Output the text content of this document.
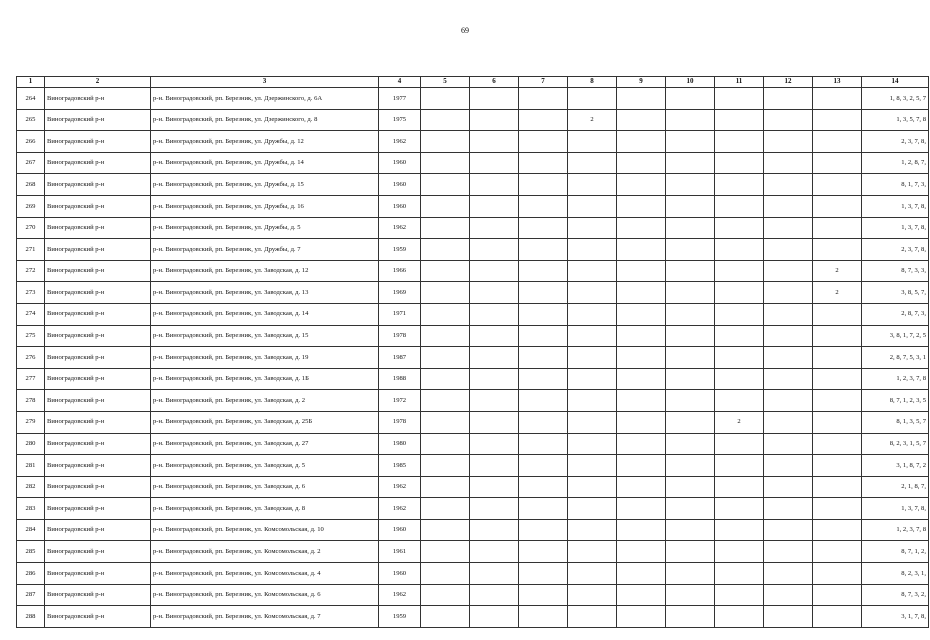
69
1	2	3	4	5	6	7	8	9	10	11	12	13	14
264	Виноградовский р-н	р-н. Виноградовский, рп. Березник, ул. Дзержинского, д. 6А	1977										1, 8, 3, 2, 5, 7
265	Виноградовский р-н	р-н. Виноградовский, рп. Березник, ул. Дзержинского, д. 8	1975				2						1, 3, 5, 7, 8
266	Виноградовский р-н	р-н. Виноградовский, рп. Березник, ул. Дружбы, д. 12	1962										2, 3, 7, 8,
267	Виноградовский р-н	р-н. Виноградовский, рп. Березник, ул. Дружбы, д. 14	1960										1, 2, 8, 7,
268	Виноградовский р-н	р-н. Виноградовский, рп. Березник, ул. Дружбы, д. 15	1960										8, 1, 7, 3,
269	Виноградовский р-н	р-н. Виноградовский, рп. Березник, ул. Дружбы, д. 16	1960										1, 3, 7, 8,
270	Виноградовский р-н	р-н. Виноградовский, рп. Березник, ул. Дружбы, д. 5	1962										1, 3, 7, 8,
271	Виноградовский р-н	р-н. Виноградовский, рп. Березник, ул. Дружбы, д. 7	1959										2, 3, 7, 8,
272	Виноградовский р-н	р-н. Виноградовский, рп. Березник, ул. Заводская, д. 12	1966									2	8, 7, 3, 3,
273	Виноградовский р-н	р-н. Виноградовский, рп. Березник, ул. Заводская, д. 13	1969									2	3, 8, 5, 7,
274	Виноградовский р-н	р-н. Виноградовский, рп. Березник, ул. Заводская, д. 14	1971										2, 8, 7, 3,
275	Виноградовский р-н	р-н. Виноградовский, рп. Березник, ул. Заводская, д. 15	1978										3, 8, 1, 7, 2, 5
276	Виноградовский р-н	р-н. Виноградовский, рп. Березник, ул. Заводская, д. 19	1987										2, 8, 7, 5, 3, 1
277	Виноградовский р-н	р-н. Виноградовский, рп. Березник, ул. Заводская, д. 1Б	1988										1, 2, 3, 7, 8
278	Виноградовский р-н	р-н. Виноградовский, рп. Березник, ул. Заводская, д. 2	1972										8, 7, 1, 2, 3, 5
279	Виноградовский р-н	р-н. Виноградовский, рп. Березник, ул. Заводская, д. 25Б	1978							2			8, 1, 3, 5, 7
280	Виноградовский р-н	р-н. Виноградовский, рп. Березник, ул. Заводская, д. 27	1980										8, 2, 3, 1, 5, 7
281	Виноградовский р-н	р-н. Виноградовский, рп. Березник, ул. Заводская, д. 5	1985										3, 1, 8, 7, 2
282	Виноградовский р-н	р-н. Виноградовский, рп. Березник, ул. Заводская, д. 6	1962										2, 1, 8, 7,
283	Виноградовский р-н	р-н. Виноградовский, рп. Березник, ул. Заводская, д. 8	1962										1, 3, 7, 8,
284	Виноградовский р-н	р-н. Виноградовский, рп. Березник, ул. Комсомольская, д. 10	1960										1, 2, 3, 7, 8
285	Виноградовский р-н	р-н. Виноградовский, рп. Березник, ул. Комсомольская, д. 2	1961										8, 7, 1, 2,
286	Виноградовский р-н	р-н. Виноградовский, рп. Березник, ул. Комсомольская, д. 4	1960										8, 2, 3, 1,
287	Виноградовский р-н	р-н. Виноградовский, рп. Березник, ул. Комсомольская, д. 6	1962										8, 7, 3, 2,
288	Виноградовский р-н	р-н. Виноградовский, рп. Березник, ул. Комсомольская, д. 7	1959										3, 1, 7, 8,
